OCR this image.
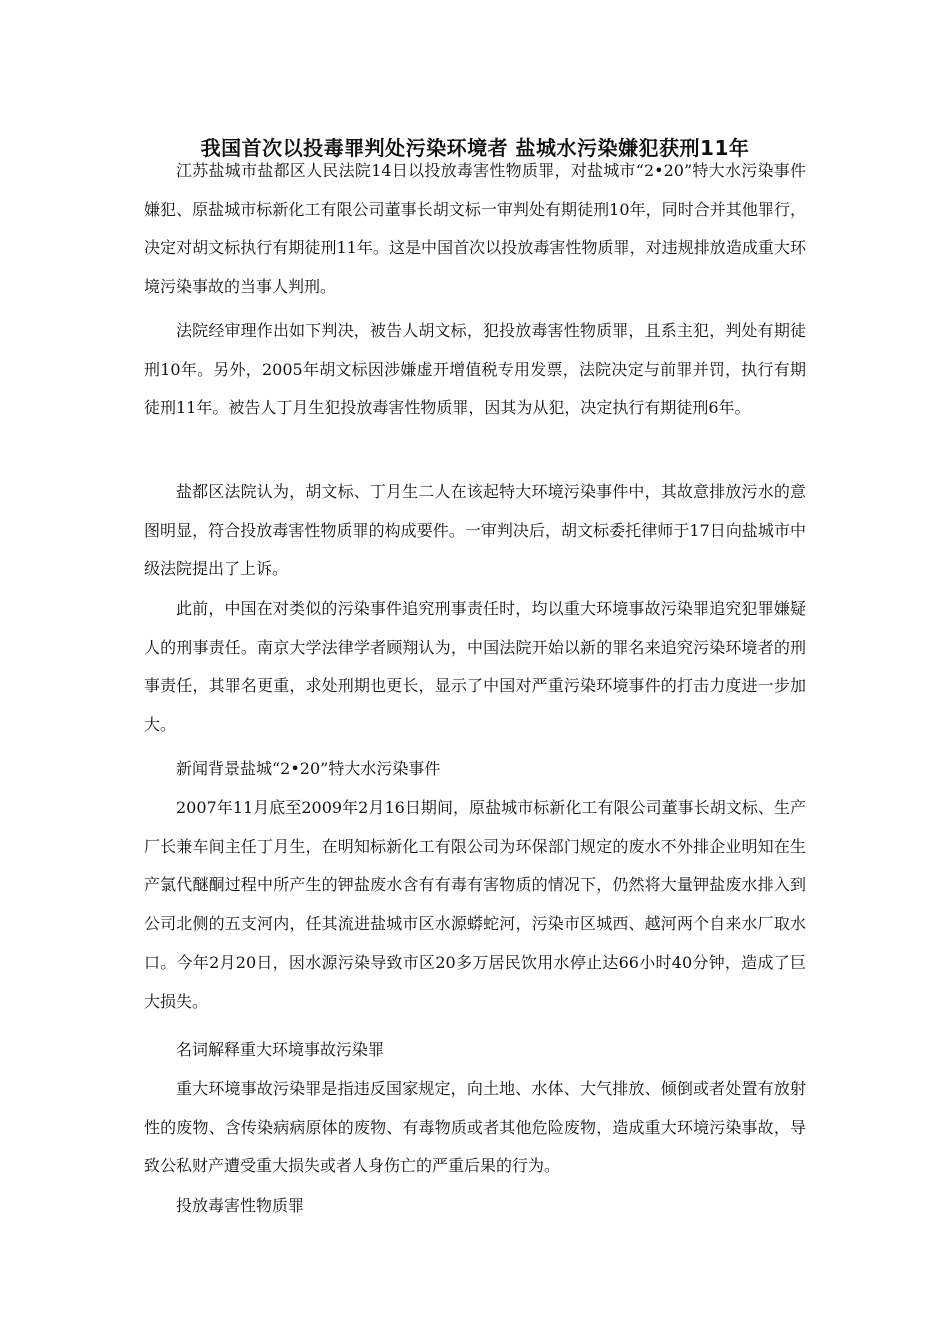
我国首次以投毒罪判处污染环境者 盐城水污染嫌犯获刑11年

江苏盐城市盐都区人民法院14日以投放毒害性物质罪，对盐城市“2•20”特大水污染事件嫌犯、原盐城市标新化工有限公司董事长胡文标一审判处有期徒刑10年，同时合并其他罪行，决定对胡文标执行有期徒刑11年。这是中国首次以投放毒害性物质罪，对违规排放造成重大环境污染事故的当事人判刑。

法院经审理作出如下判决，被告人胡文标，犯投放毒害性物质罪，且系主犯，判处有期徒刑10年。另外，2005年胡文标因涉嫌虚开增值税专用发票，法院决定与前罪并罚，执行有期徒刑11年。被告人丁月生犯投放毒害性物质罪，因其为从犯，决定执行有期徒刑6年。

盐都区法院认为，胡文标、丁月生二人在该起特大环境污染事件中，其故意排放污水的意图明显，符合投放毒害性物质罪的构成要件。一审判决后，胡文标委托律师于17日向盐城市中级法院提出了上诉。

此前，中国在对类似的污染事件追究刑事责任时，均以重大环境事故污染罪追究犯罪嫌疑人的刑事责任。南京大学法律学者顾翔认为，中国法院开始以新的罪名来追究污染环境者的刑事责任，其罪名更重，求处刑期也更长，显示了中国对严重污染环境事件的打击力度进一步加大。

新闻背景盐城“2•20”特大水污染事件

2007年11月底至2009年2月16日期间，原盐城市标新化工有限公司董事长胡文标、生产厂长兼车间主任丁月生，在明知标新化工有限公司为环保部门规定的废水不外排企业明知在生产氯代醚酮过程中所产生的钾盐废水含有有毒有害物质的情况下，仍然将大量钾盐废水排入到公司北侧的五支河内，任其流进盐城市区水源蟒蛇河，污染市区城西、越河两个自来水厂取水口。今年2月20日，因水源污染导致市区20多万居民饮用水停止达66小时40分钟，造成了巨大损失。

名词解释重大环境事故污染罪

重大环境事故污染罪是指违反国家规定，向土地、水体、大气排放、倾倒或者处置有放射性的废物、含传染病病原体的废物、有毒物质或者其他危险废物，造成重大环境污染事故，导致公私财产遭受重大损失或者人身伤亡的严重后果的行为。

投放毒害性物质罪
